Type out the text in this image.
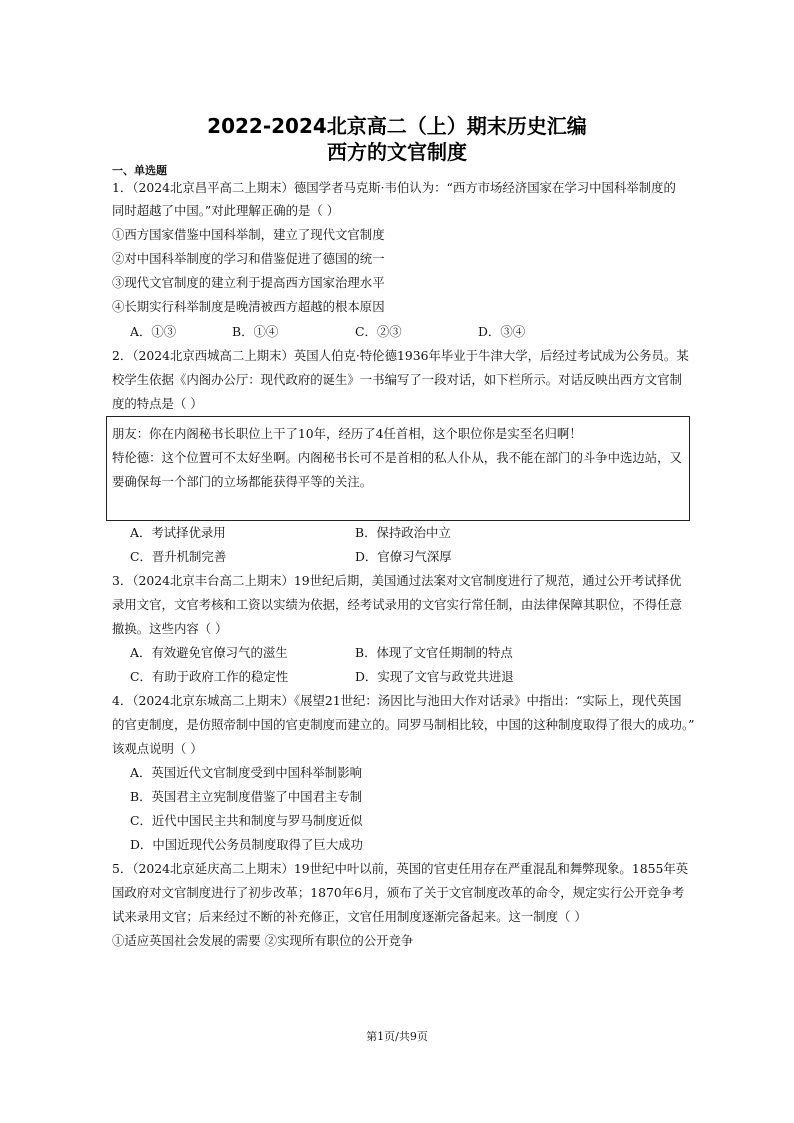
2022-2024北京高二（上）期末历史汇编
西方的文官制度
一、单选题
1．（2024北京昌平高二上期末）德国学者马克斯·韦伯认为：“西方市场经济国家在学习中国科举制度的
同时超越了中国。”对此理解正确的是（ ）
①西方国家借鉴中国科举制，建立了现代文官制度
②对中国科举制度的学习和借鉴促进了德国的统一
③现代文官制度的建立利于提高西方国家治理水平
④长期实行科举制度是晚清被西方超越的根本原因
A．①③	B．①④	C．②③	D．③④
2．（2024北京西城高二上期末）英国人伯克·特伦德1936年毕业于牛津大学，后经过考试成为公务员。某
校学生依据《内阁办公厅：现代政府的诞生》一书编写了一段对话，如下栏所示。对话反映出西方文官制
度的特点是（ ）
朋友：你在内阁秘书长职位上干了10年，经历了4任首相，这个职位你是实至名归啊！
特伦德：这个位置可不太好坐啊。内阁秘书长可不是首相的私人仆从，我不能在部门的斗争中选边站，又
要确保每一个部门的立场都能获得平等的关注。
A．考试择优录用	B．保持政治中立
C．晋升机制完善	D．官僚习气深厚
3．（2024北京丰台高二上期末）19世纪后期，美国通过法案对文官制度进行了规范，通过公开考试择优
录用文官，文官考核和工资以实绩为依据，经考试录用的文官实行常任制，由法律保障其职位，不得任意
撤换。这些内容（ ）
A．有效避免官僚习气的滋生	B．体现了文官任期制的特点
C．有助于政府工作的稳定性	D．实现了文官与政党共进退
4．（2024北京东城高二上期末）《展望21世纪：汤因比与池田大作对话录》中指出：“实际上，现代英国
的官吏制度，是仿照帝制中国的官吏制度而建立的。同罗马制相比较，中国的这种制度取得了很大的成功。”
该观点说明（ ）
A．英国近代文官制度受到中国科举制影响
B．英国君主立宪制度借鉴了中国君主专制
C．近代中国民主共和制度与罗马制度近似
D．中国近现代公务员制度取得了巨大成功
5．（2024北京延庆高二上期末）19世纪中叶以前，英国的官吏任用存在严重混乱和舞弊现象。1855年英
国政府对文官制度进行了初步改革；1870年6月，颁布了关于文官制度改革的命令，规定实行公开竞争考
试来录用文官；后来经过不断的补充修正，文官任用制度逐渐完备起来。这一制度（ ）
①适应英国社会发展的需要 ②实现所有职位的公开竞争
第1页/共9页
